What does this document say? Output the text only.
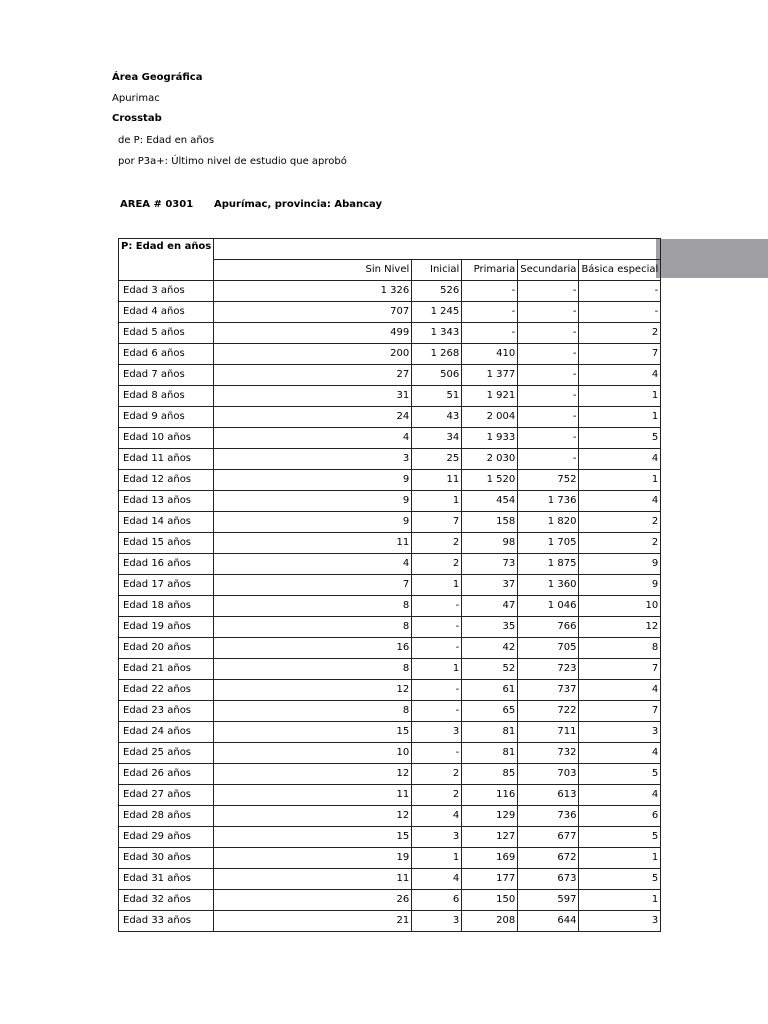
Área Geográfica
Apurimac
Crosstab
de P: Edad en años
por P3a+: Último nivel de estudio que aprobó
AREA # 0301 Apurímac, provincia: Abancay
P: Edad en años					
	Sin Nivel	Inicial	Primaria	Secundaria	Básica especial
Edad 3 años	1 326	526	-	-	-
Edad 4 años	707	1 245	-	-	-
Edad 5 años	499	1 343	-	-	2
Edad 6 años	200	1 268	410	-	7
Edad 7 años	27	506	1 377	-	4
Edad 8 años	31	51	1 921	-	1
Edad 9 años	24	43	2 004	-	1
Edad 10 años	4	34	1 933	-	5
Edad 11 años	3	25	2 030	-	4
Edad 12 años	9	11	1 520	752	1
Edad 13 años	9	1	454	1 736	4
Edad 14 años	9	7	158	1 820	2
Edad 15 años	11	2	98	1 705	2
Edad 16 años	4	2	73	1 875	9
Edad 17 años	7	1	37	1 360	9
Edad 18 años	8	-	47	1 046	10
Edad 19 años	8	-	35	766	12
Edad 20 años	16	-	42	705	8
Edad 21 años	8	1	52	723	7
Edad 22 años	12	-	61	737	4
Edad 23 años	8	-	65	722	7
Edad 24 años	15	3	81	711	3
Edad 25 años	10	-	81	732	4
Edad 26 años	12	2	85	703	5
Edad 27 años	11	2	116	613	4
Edad 28 años	12	4	129	736	6
Edad 29 años	15	3	127	677	5
Edad 30 años	19	1	169	672	1
Edad 31 años	11	4	177	673	5
Edad 32 años	26	6	150	597	1
Edad 33 años	21	3	208	644	3
